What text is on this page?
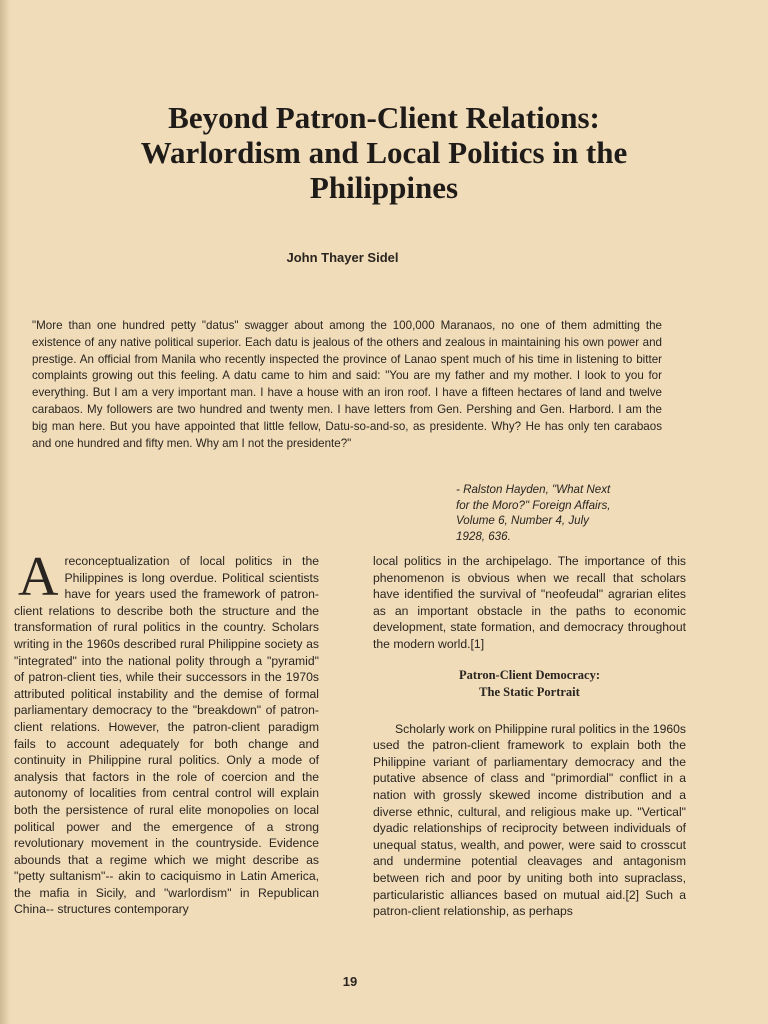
Beyond Patron-Client Relations:
Warlordism and Local Politics in the
Philippines
John Thayer Sidel
"More than one hundred petty "datus" swagger about among the 100,000 Maranaos, no one of them admitting the existence of any native political superior. Each datu is jealous of the others and zealous in maintaining his own power and prestige. An official from Manila who recently inspected the province of Lanao spent much of his time in listening to bitter complaints growing out this feeling. A datu came to him and said: "You are my father and my mother. I look to you for everything. But I am a very important man. I have a house with an iron roof. I have a fifteen hectares of land and twelve carabaos. My followers are two hundred and twenty men. I have letters from Gen. Pershing and Gen. Harbord. I am the big man here. But you have appointed that little fellow, Datu-so-and-so, as presidente. Why? He has only ten carabaos and one hundred and fifty men. Why am I not the presidente?"
- Ralston Hayden, "What Next
for the Moro?" Foreign Affairs,
Volume 6, Number 4, July
1928, 636.
Areconceptualization of local politics in the Philippines is long overdue. Political scientists have for years used the framework of patron-client relations to describe both the structure and the transformation of rural politics in the country. Scholars writing in the 1960s described rural Philippine society as "integrated" into the national polity through a "pyramid" of patron-client ties, while their successors in the 1970s attributed political instability and the demise of formal parliamentary democracy to the "breakdown" of patron-client relations. However, the patron-client paradigm fails to account adequately for both change and continuity in Philippine rural politics. Only a mode of analysis that factors in the role of coercion and the autonomy of localities from central control will explain both the persistence of rural elite monopolies on local political power and the emergence of a strong revolutionary movement in the countryside. Evidence abounds that a regime which we might describe as "petty sultanism"-- akin to caciquismo in Latin America, the mafia in Sicily, and "warlordism" in Republican China-- structures contemporary

local politics in the archipelago. The importance of this phenomenon is obvious when we recall that scholars have identified the survival of "neofeudal" agrarian elites as an important obstacle in the paths to economic development, state formation, and democracy throughout the modern world.[1]

Patron-Client Democracy:
The Static Portrait

Scholarly work on Philippine rural politics in the 1960s used the patron-client framework to explain both the Philippine variant of parliamentary democracy and the putative absence of class and "primordial" conflict in a nation with grossly skewed income distribution and a diverse ethnic, cultural, and religious make up. "Vertical" dyadic relationships of reciprocity between individuals of unequal status, wealth, and power, were said to crosscut and undermine potential cleavages and antagonism between rich and poor by uniting both into supraclass, particularistic alliances based on mutual aid.[2] Such a patron-client relationship, as perhaps

19
